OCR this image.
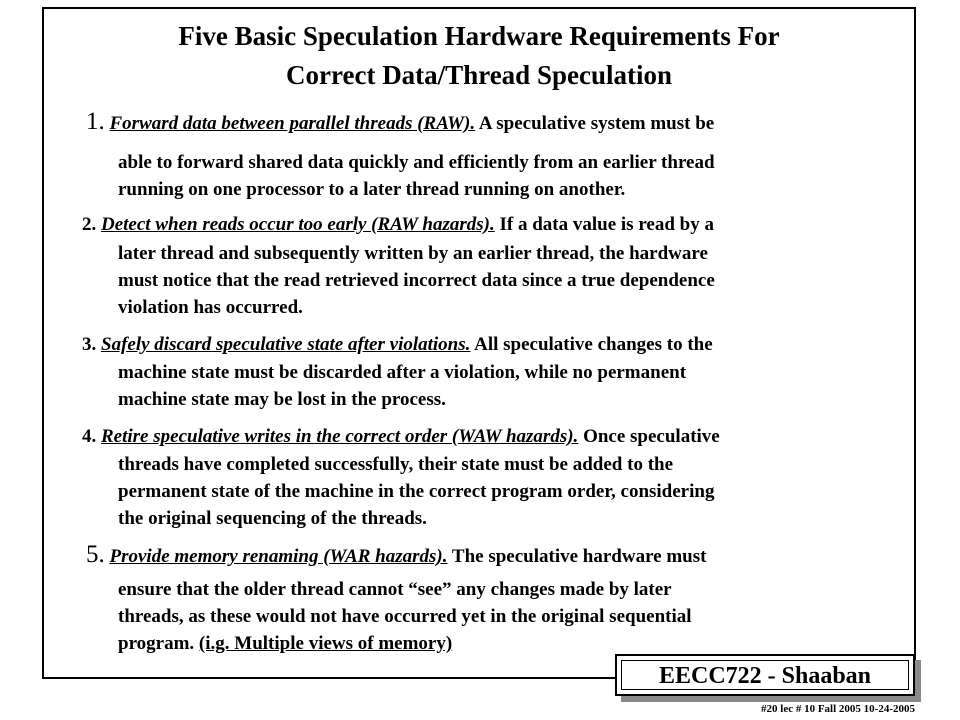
Five Basic Speculation Hardware Requirements For
Correct Data/Thread Speculation
1. Forward data between parallel threads (RAW). A speculative system must be
able to forward shared data quickly and efficiently from an earlier thread
running on one processor to a later thread running on another.
2. Detect when reads occur too early (RAW hazards). If a data value is read by a
later thread and subsequently written by an earlier thread, the hardware
must notice that the read retrieved incorrect data since a true dependence
violation has occurred.
3. Safely discard speculative state after violations. All speculative changes to the
machine state must be discarded after a violation, while no permanent
machine state may be lost in the process.
4. Retire speculative writes in the correct order (WAW hazards). Once speculative
threads have completed successfully, their state must be added to the
permanent state of the machine in the correct program order, considering
the original sequencing of the threads.
5. Provide memory renaming (WAR hazards). The speculative hardware must
ensure that the older thread cannot “see” any changes made by later
threads, as these would not have occurred yet in the original sequential
program. (i.g. Multiple views of memory)
EECC722 - Shaaban
#20 lec # 10 Fall 2005 10-24-2005
